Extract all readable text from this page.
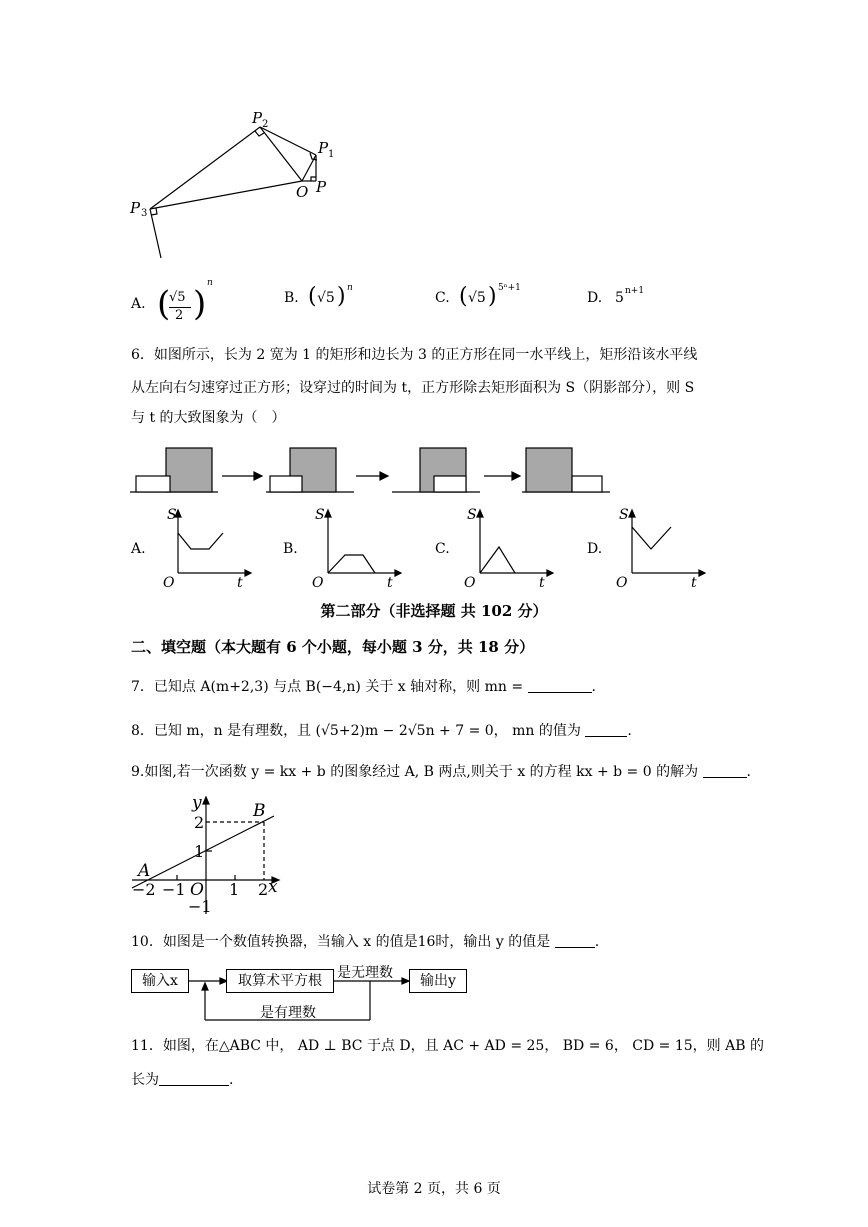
P 2
P 1
P 3
O P
A. (
√5
2 )
n
B. ( √5 ) n
C. ( √5 ) 5ⁿ+1
D. 5 n+1
6．如图所示，长为 2 宽为 1 的矩形和边长为 3 的正方形在同一水平线上，矩形沿该水平线
从左向右匀速穿过正方形；设穿过的时间为 t，正方形除去矩形面积为 S（阴影部分），则 S
与 t 的大致图象为（　）
A.
S
O	t
B.
S
O	t
C.
S
O	t
D.
S
O	t
第二部分（非选择题 共 102 分）
二、填空题（本大题有 6 个小题，每小题 3 分，共 18 分）
7．已知点 A(m+2,3) 与点 B(−4,n) 关于 x 轴对称，则 mn =	.
8．已知 m，n 是有理数，且 (√5+2)m − 2√5n + 7 = 0， mn 的值为	.
9.如图,若一次函数 y = kx + b 的图象经过 A, B 两点,则关于 x 的方程 kx + b = 0 的解为	.
y
x
B
A
O
−2 −1	1 2
2
1
−1
10．如图是一个数值转换器，当输入 x 的值是16时，输出 y 的值是	.
输入x	取算术平方根	输出y
是无理数
是有理数
11．如图，在△ABC 中， AD ⊥ BC 于点 D，且 AC + AD = 25， BD = 6， CD = 15，则 AB 的
长为	.
试卷第 2 页，共 6 页
